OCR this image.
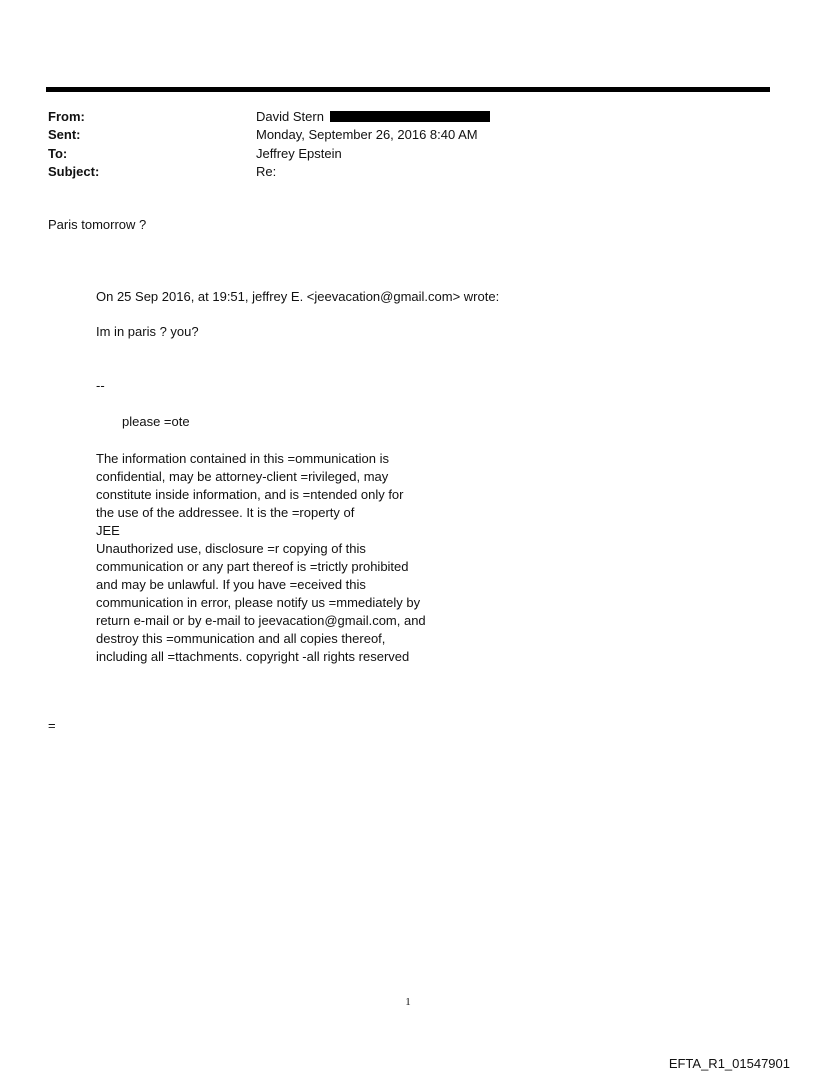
From:	David Stern
Sent:	Monday, September 26, 2016 8:40 AM
To:	Jeffrey Epstein
Subject:	Re:
Paris tomorrow ?
On 25 Sep 2016, at 19:51, jeffrey E. <jeevacation@gmail.com> wrote:
Im in paris ? you?
--
please =ote
The information contained in this =ommunication is
confidential, may be attorney-client =rivileged, may
constitute inside information, and is =ntended only for
the use of the addressee. It is the =roperty of
JEE
Unauthorized use, disclosure =r copying of this
communication or any part thereof is =trictly prohibited
and may be unlawful. If you have =eceived this
communication in error, please notify us =mmediately by
return e-mail or by e-mail to jeevacation@gmail.com, and
destroy this =ommunication and all copies thereof,
including all =ttachments. copyright -all rights reserved
=
1
EFTA_R1_01547901
